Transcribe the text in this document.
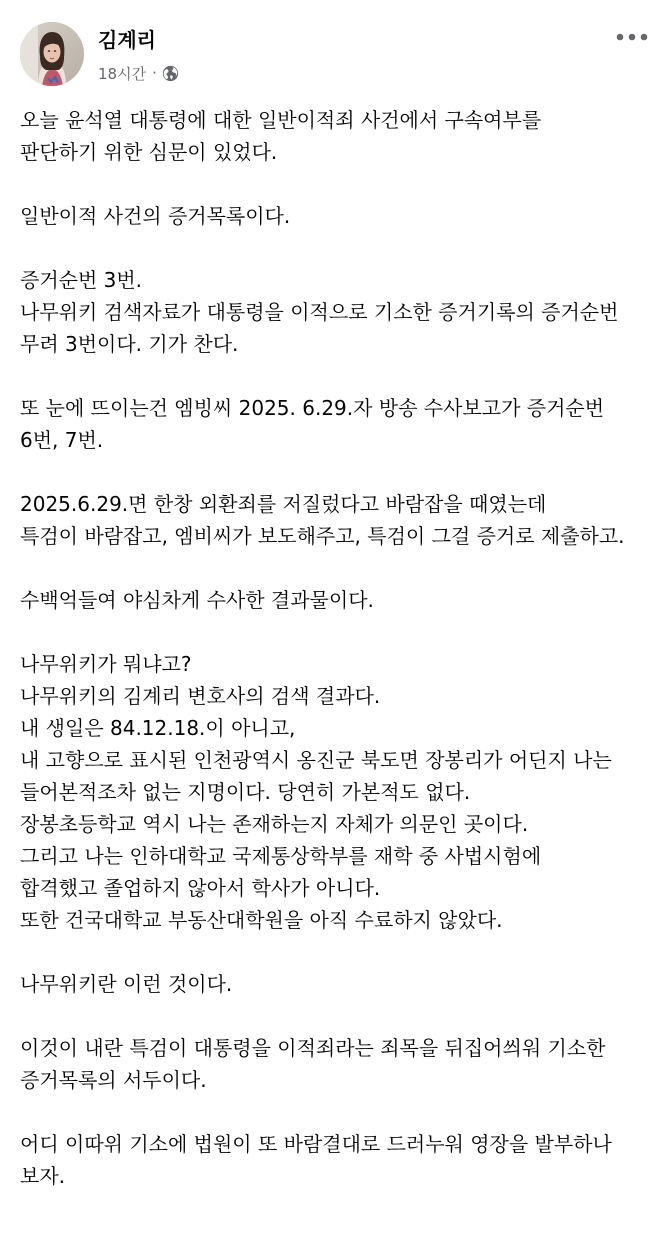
김계리
18시간 ·
오늘 윤석열 대통령에 대한 일반이적죄 사건에서 구속여부를
판단하기 위한 심문이 있었다.
일반이적 사건의 증거목록이다.
증거순번 3번.
나무위키 검색자료가 대통령을 이적으로 기소한 증거기록의 증거순번
무려 3번이다. 기가 찬다.
또 눈에 뜨이는건 엠빙씨 2025. 6.29.자 방송 수사보고가 증거순번
6번, 7번.
2025.6.29.면 한창 외환죄를 저질렀다고 바람잡을 때였는데
특검이 바람잡고, 엠비씨가 보도해주고, 특검이 그걸 증거로 제출하고.
수백억들여 야심차게 수사한 결과물이다.
나무위키가 뭐냐고?
나무위키의 김계리 변호사의 검색 결과다.
내 생일은 84.12.18.이 아니고,
내 고향으로 표시된 인천광역시 옹진군 북도면 장봉리가 어딘지 나는
들어본적조차 없는 지명이다. 당연히 가본적도 없다.
장봉초등학교 역시 나는 존재하는지 자체가 의문인 곳이다.
그리고 나는 인하대학교 국제통상학부를 재학 중 사법시험에
합격했고 졸업하지 않아서 학사가 아니다.
또한 건국대학교 부동산대학원을 아직 수료하지 않았다.
나무위키란 이런 것이다.
이것이 내란 특검이 대통령을 이적죄라는 죄목을 뒤집어씌워 기소한
증거목록의 서두이다.
어디 이따위 기소에 법원이 또 바람결대로 드러누워 영장을 발부하나
보자.
